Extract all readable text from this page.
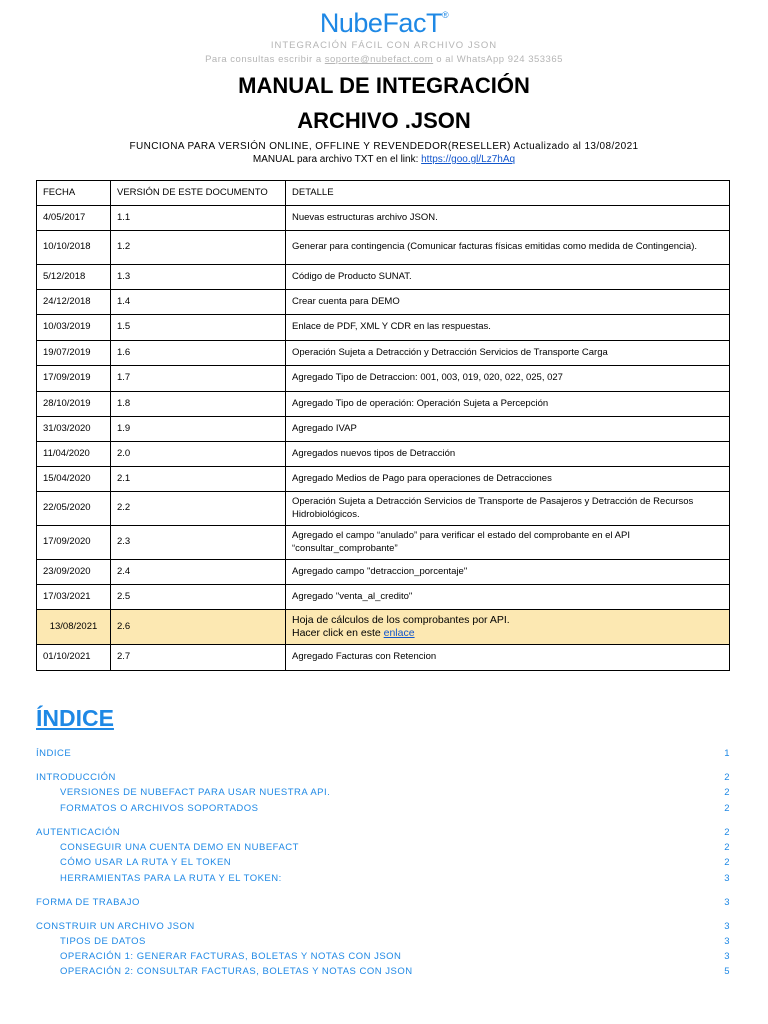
NubeFacT®
INTEGRACIÓN FÁCIL CON ARCHIVO JSON
Para consultas escribir a soporte@nubefact.com o al WhatsApp 924 353365
MANUAL DE INTEGRACIÓN
ARCHIVO .JSON
FUNCIONA PARA VERSIÓN ONLINE, OFFLINE Y REVENDEDOR(RESELLER) Actualizado al 13/08/2021
MANUAL para archivo TXT en el link: https://goo.gl/Lz7hAq
FECHA	VERSIÓN DE ESTE DOCUMENTO	DETALLE
4/05/2017	1.1	Nuevas estructuras archivo JSON.
10/10/2018	1.2	Generar para contingencia (Comunicar facturas físicas emitidas como medida de Contingencia).
5/12/2018	1.3	Código de Producto SUNAT.
24/12/2018	1.4	Crear cuenta para DEMO
10/03/2019	1.5	Enlace de PDF, XML Y CDR en las respuestas.
19/07/2019	1.6	Operación Sujeta a Detracción y Detracción Servicios de Transporte Carga
17/09/2019	1.7	Agregado Tipo de Detraccion: 001, 003, 019, 020, 022, 025, 027
28/10/2019	1.8	Agregado Tipo de operación: Operación Sujeta a Percepción
31/03/2020	1.9	Agregado IVAP
11/04/2020	2.0	Agregados nuevos tipos de Detracción
15/04/2020	2.1	Agregado Medios de Pago para operaciones de Detracciones
22/05/2020	2.2	Operación Sujeta a Detracción Servicios de Transporte de Pasajeros y Detracción de Recursos Hidrobiológicos.
17/09/2020	2.3	Agregado el campo “anulado” para verificar el estado del comprobante en el API “consultar_comprobante”
23/09/2020	2.4	Agregado campo "detraccion_porcentaje"
17/03/2021	2.5	Agregado "venta_al_credito"
13/08/2021	2.6	Hoja de cálculos de los comprobantes por API.
Hacer click en este enlace
01/10/2021	2.7	Agregado Facturas con Retencion
ÍNDICE
ÍNDICE	1
INTRODUCCIÓN	2
VERSIONES DE NUBEFACT PARA USAR NUESTRA API.	2
FORMATOS O ARCHIVOS SOPORTADOS	2
AUTENTICACIÓN	2
CONSEGUIR UNA CUENTA DEMO EN NUBEFACT	2
CÓMO USAR LA RUTA Y EL TOKEN	2
HERRAMIENTAS PARA LA RUTA Y EL TOKEN:	3
FORMA DE TRABAJO	3
CONSTRUIR UN ARCHIVO JSON	3
TIPOS DE DATOS	3
OPERACIÓN 1: GENERAR FACTURAS, BOLETAS Y NOTAS CON JSON	3
OPERACIÓN 2: CONSULTAR FACTURAS, BOLETAS Y NOTAS CON JSON	5
